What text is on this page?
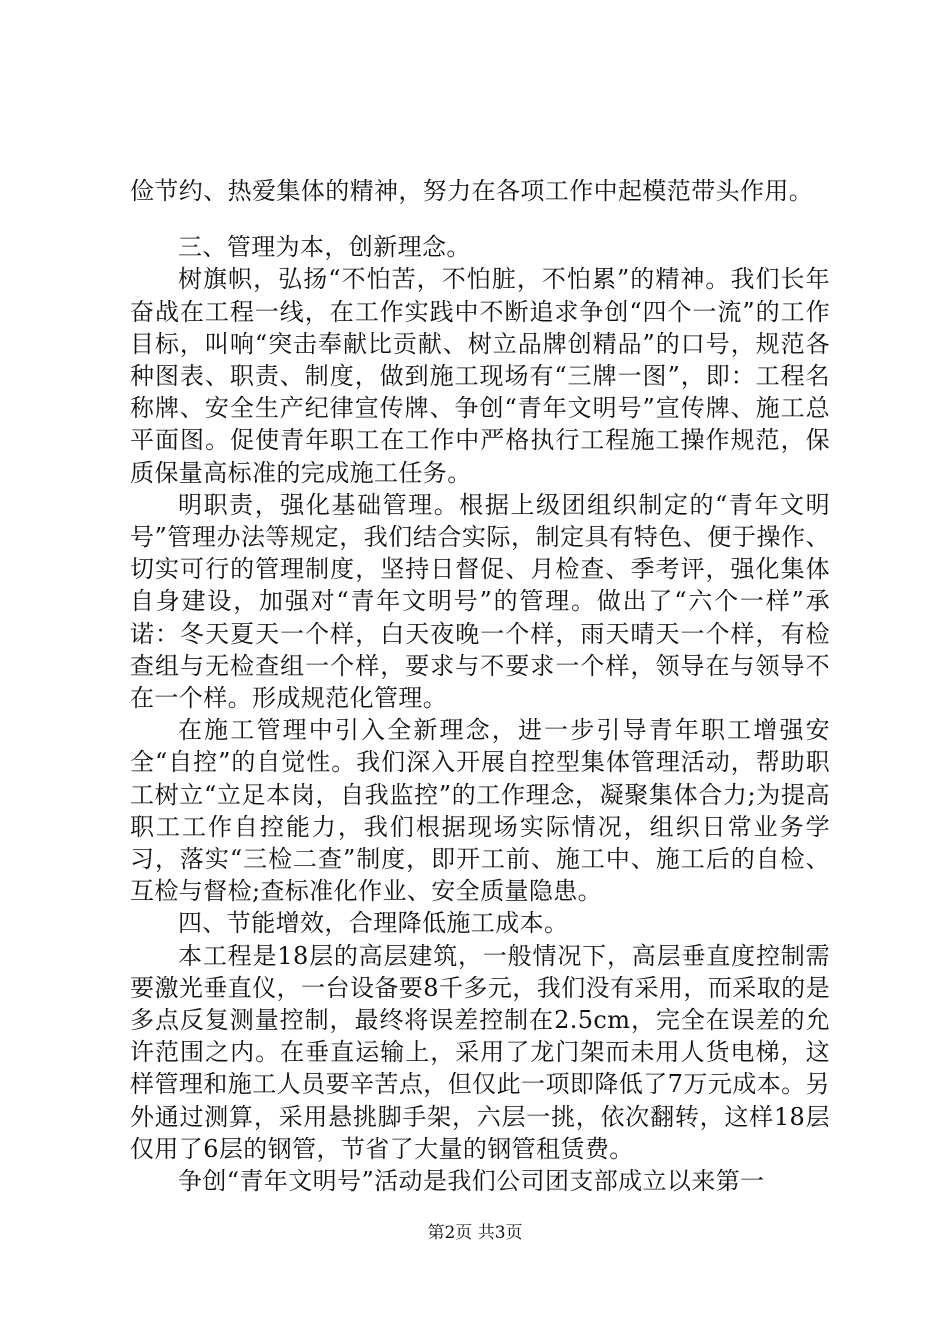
俭节约、热爱集体的精神，努力在各项工作中起模范带头作用。

三、管理为本，创新理念。

树旗帜，弘扬“不怕苦，不怕脏，不怕累”的精神。我们长年奋战在工程一线，在工作实践中不断追求争创“四个一流”的工作目标，叫响“突击奉献比贡献、树立品牌创精品”的口号，规范各种图表、职责、制度，做到施工现场有“三牌一图”，即：工程名称牌、安全生产纪律宣传牌、争创“青年文明号”宣传牌、施工总平面图。促使青年职工在工作中严格执行工程施工操作规范，保质保量高标准的完成施工任务。

明职责，强化基础管理。根据上级团组织制定的“青年文明号”管理办法等规定，我们结合实际，制定具有特色、便于操作、切实可行的管理制度，坚持日督促、月检查、季考评，强化集体自身建设，加强对“青年文明号”的管理。做出了“六个一样”承诺：冬天夏天一个样，白天夜晚一个样，雨天晴天一个样，有检查组与无检查组一个样，要求与不要求一个样，领导在与领导不在一个样。形成规范化管理。

在施工管理中引入全新理念，进一步引导青年职工增强安全“自控”的自觉性。我们深入开展自控型集体管理活动，帮助职工树立“立足本岗，自我监控”的工作理念，凝聚集体合力;为提高职工工作自控能力，我们根据现场实际情况，组织日常业务学习，落实“三检二查”制度，即开工前、施工中、施工后的自检、互检与督检;查标准化作业、安全质量隐患。

四、节能增效，合理降低施工成本。

本工程是18层的高层建筑，一般情况下，高层垂直度控制需要激光垂直仪，一台设备要8千多元，我们没有采用，而采取的是多点反复测量控制，最终将误差控制在2.5cm，完全在误差的允许范围之内。在垂直运输上，采用了龙门架而未用人货电梯，这样管理和施工人员要辛苦点，但仅此一项即降低了7万元成本。另外通过测算，采用悬挑脚手架，六层一挑，依次翻转，这样18层仅用了6层的钢管，节省了大量的钢管租赁费。

争创“青年文明号”活动是我们公司团支部成立以来第一

第2页 共3页
